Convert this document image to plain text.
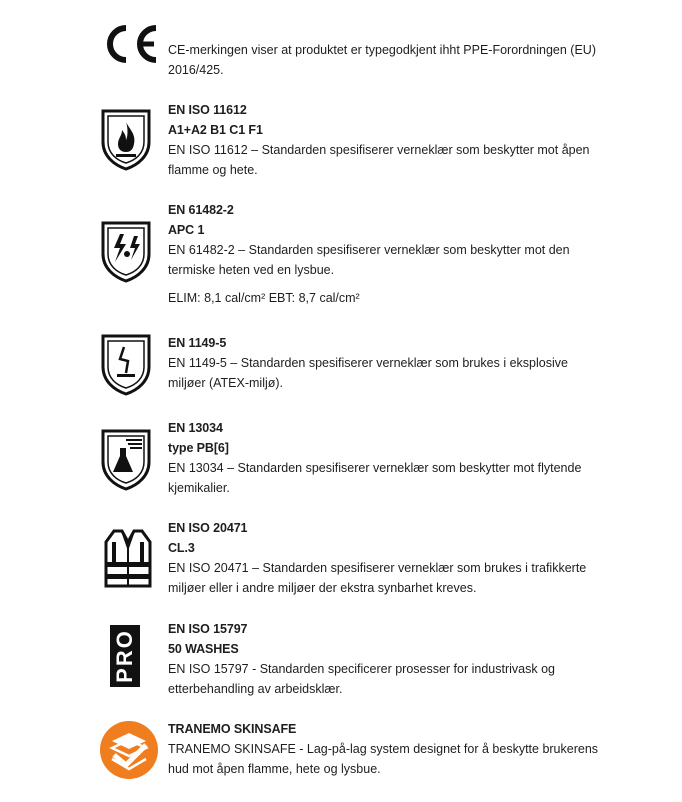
CE-merkingen viser at produktet er typegodkjent ihht PPE-Forordningen (EU) 2016/425.
EN ISO 11612
A1+A2 B1 C1 F1
EN ISO 11612 – Standarden spesifiserer verneklær som beskytter mot åpen flamme og hete.
EN 61482-2
APC 1
EN 61482-2 – Standarden spesifiserer verneklær som beskytter mot den termiske heten ved en lysbue.
ELIM: 8,1 cal/cm² EBT: 8,7 cal/cm²
EN 1149-5
EN 1149-5 – Standarden spesifiserer verneklær som brukes i eksplosive miljøer (ATEX-miljø).
EN 13034
type PB[6]
EN 13034 – Standarden spesifiserer verneklær som beskytter mot flytende kjemikalier.
EN ISO 20471
CL.3
EN ISO 20471 – Standarden spesifiserer verneklær som brukes i trafikkerte miljøer eller i andre miljøer der ekstra synbarhet kreves.
PRO
EN ISO 15797
50 WASHES
EN ISO 15797 - Standarden specificerer prosesser for industrivask og etterbehandling av arbeidsklær.
TRANEMO SKINSAFE
TRANEMO SKINSAFE - Lag-på-lag system designet for å beskytte brukerens hud mot åpen flamme, hete og lysbue.
